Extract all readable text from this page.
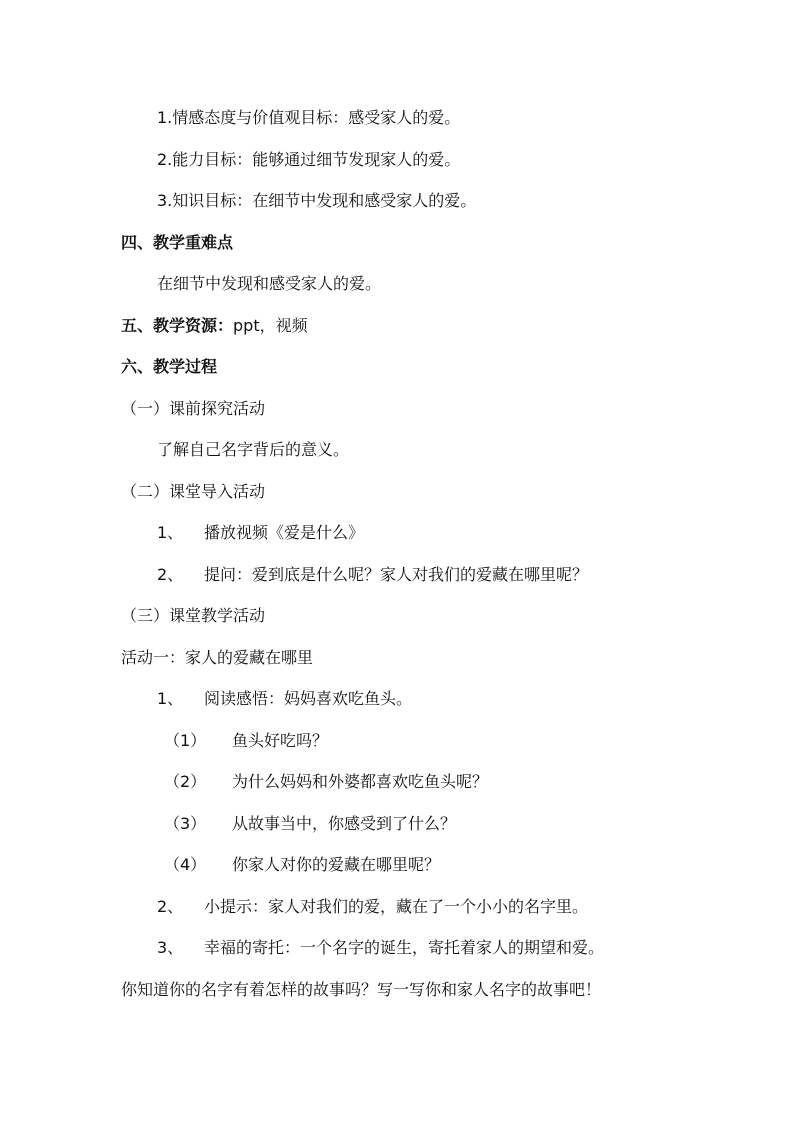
1.情感态度与价值观目标：感受家人的爱。
2.能力目标：能够通过细节发现家人的爱。
3.知识目标：在细节中发现和感受家人的爱。
四、教学重难点
在细节中发现和感受家人的爱。
五、教学资源：ppt，视频
六、教学过程
（一）课前探究活动
了解自己名字背后的意义。
（二）课堂导入活动
1、 播放视频《爱是什么》
2、 提问：爱到底是什么呢？家人对我们的爱藏在哪里呢？
（三）课堂教学活动
活动一：家人的爱藏在哪里
1、 阅读感悟：妈妈喜欢吃鱼头。
（1） 鱼头好吃吗？
（2） 为什么妈妈和外婆都喜欢吃鱼头呢？
（3） 从故事当中，你感受到了什么？
（4） 你家人对你的爱藏在哪里呢？
2、 小提示：家人对我们的爱，藏在了一个小小的名字里。
3、 幸福的寄托：一个名字的诞生，寄托着家人的期望和爱。
你知道你的名字有着怎样的故事吗？写一写你和家人名字的故事吧！
